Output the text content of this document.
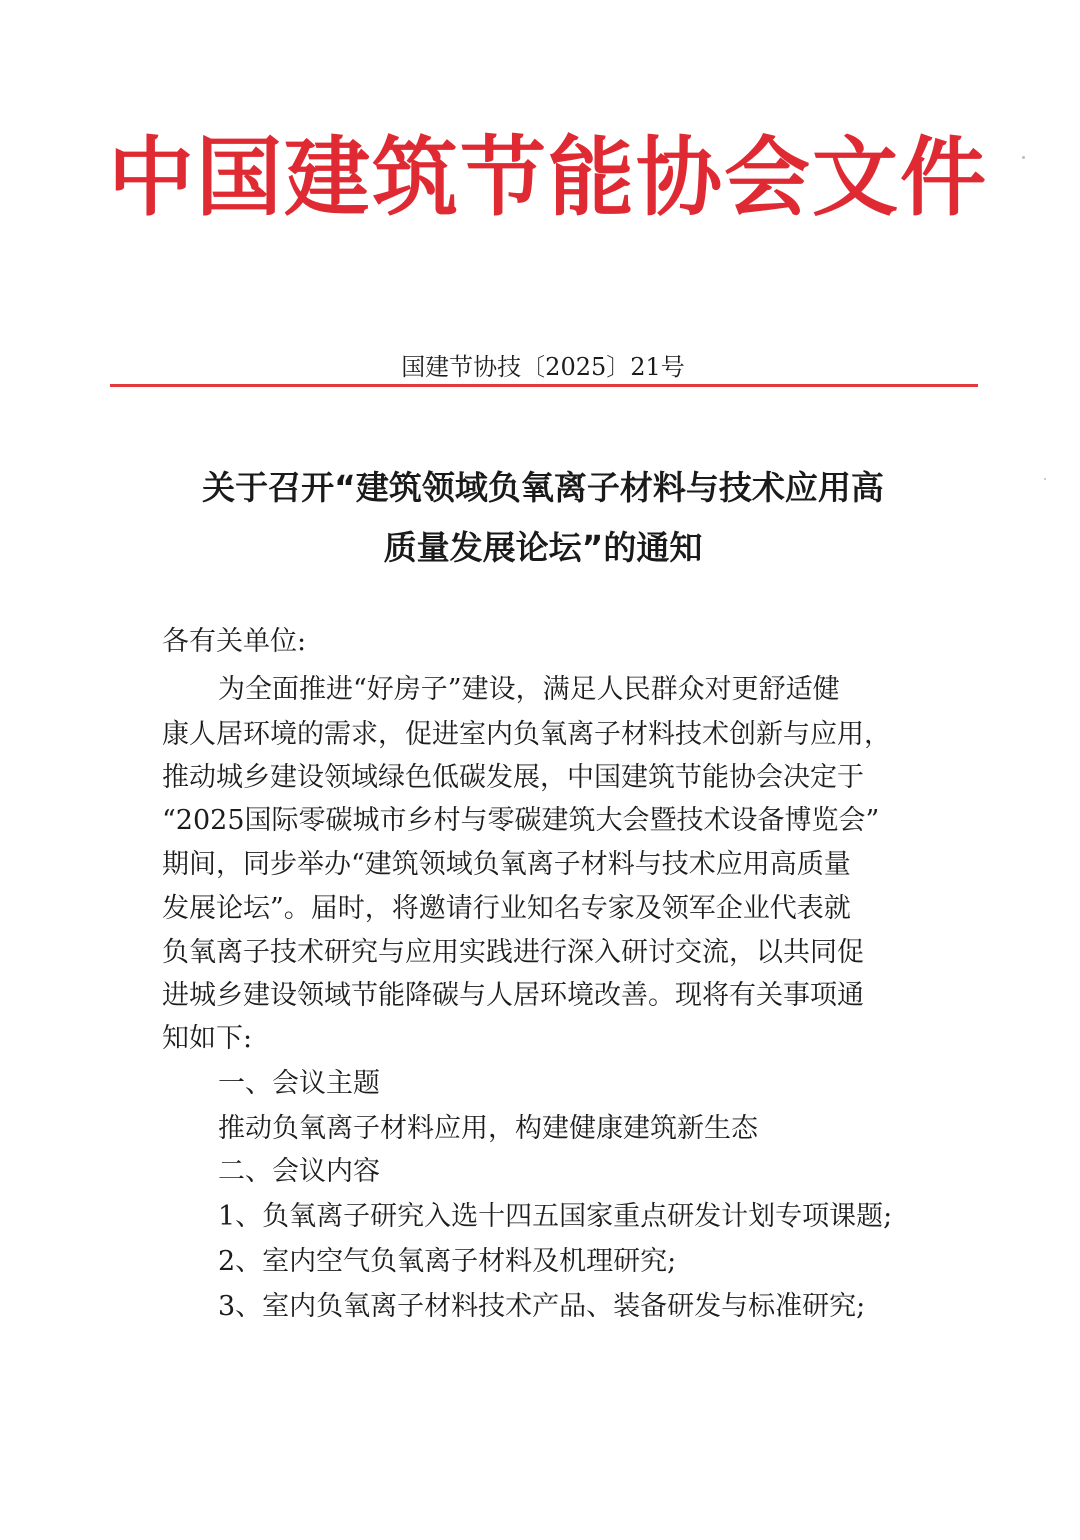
中国建筑节能协会文件
国建节协技〔2025〕21号
关于召开“建筑领域负氧离子材料与技术应用高
质量发展论坛”的通知
各有关单位:
为全面推进“好房子”建设，满足人民群众对更舒适健
康人居环境的需求，促进室内负氧离子材料技术创新与应用，
推动城乡建设领域绿色低碳发展，中国建筑节能协会决定于
“2025国际零碳城市乡村与零碳建筑大会暨技术设备博览会”
期间，同步举办“建筑领域负氧离子材料与技术应用高质量
发展论坛”。届时，将邀请行业知名专家及领军企业代表就
负氧离子技术研究与应用实践进行深入研讨交流，以共同促
进城乡建设领域节能降碳与人居环境改善。现将有关事项通
知如下:
一、会议主题
推动负氧离子材料应用，构建健康建筑新生态
二、会议内容
1、负氧离子研究入选十四五国家重点研发计划专项课题;
2、室内空气负氧离子材料及机理研究;
3、室内负氧离子材料技术产品、装备研发与标准研究;
